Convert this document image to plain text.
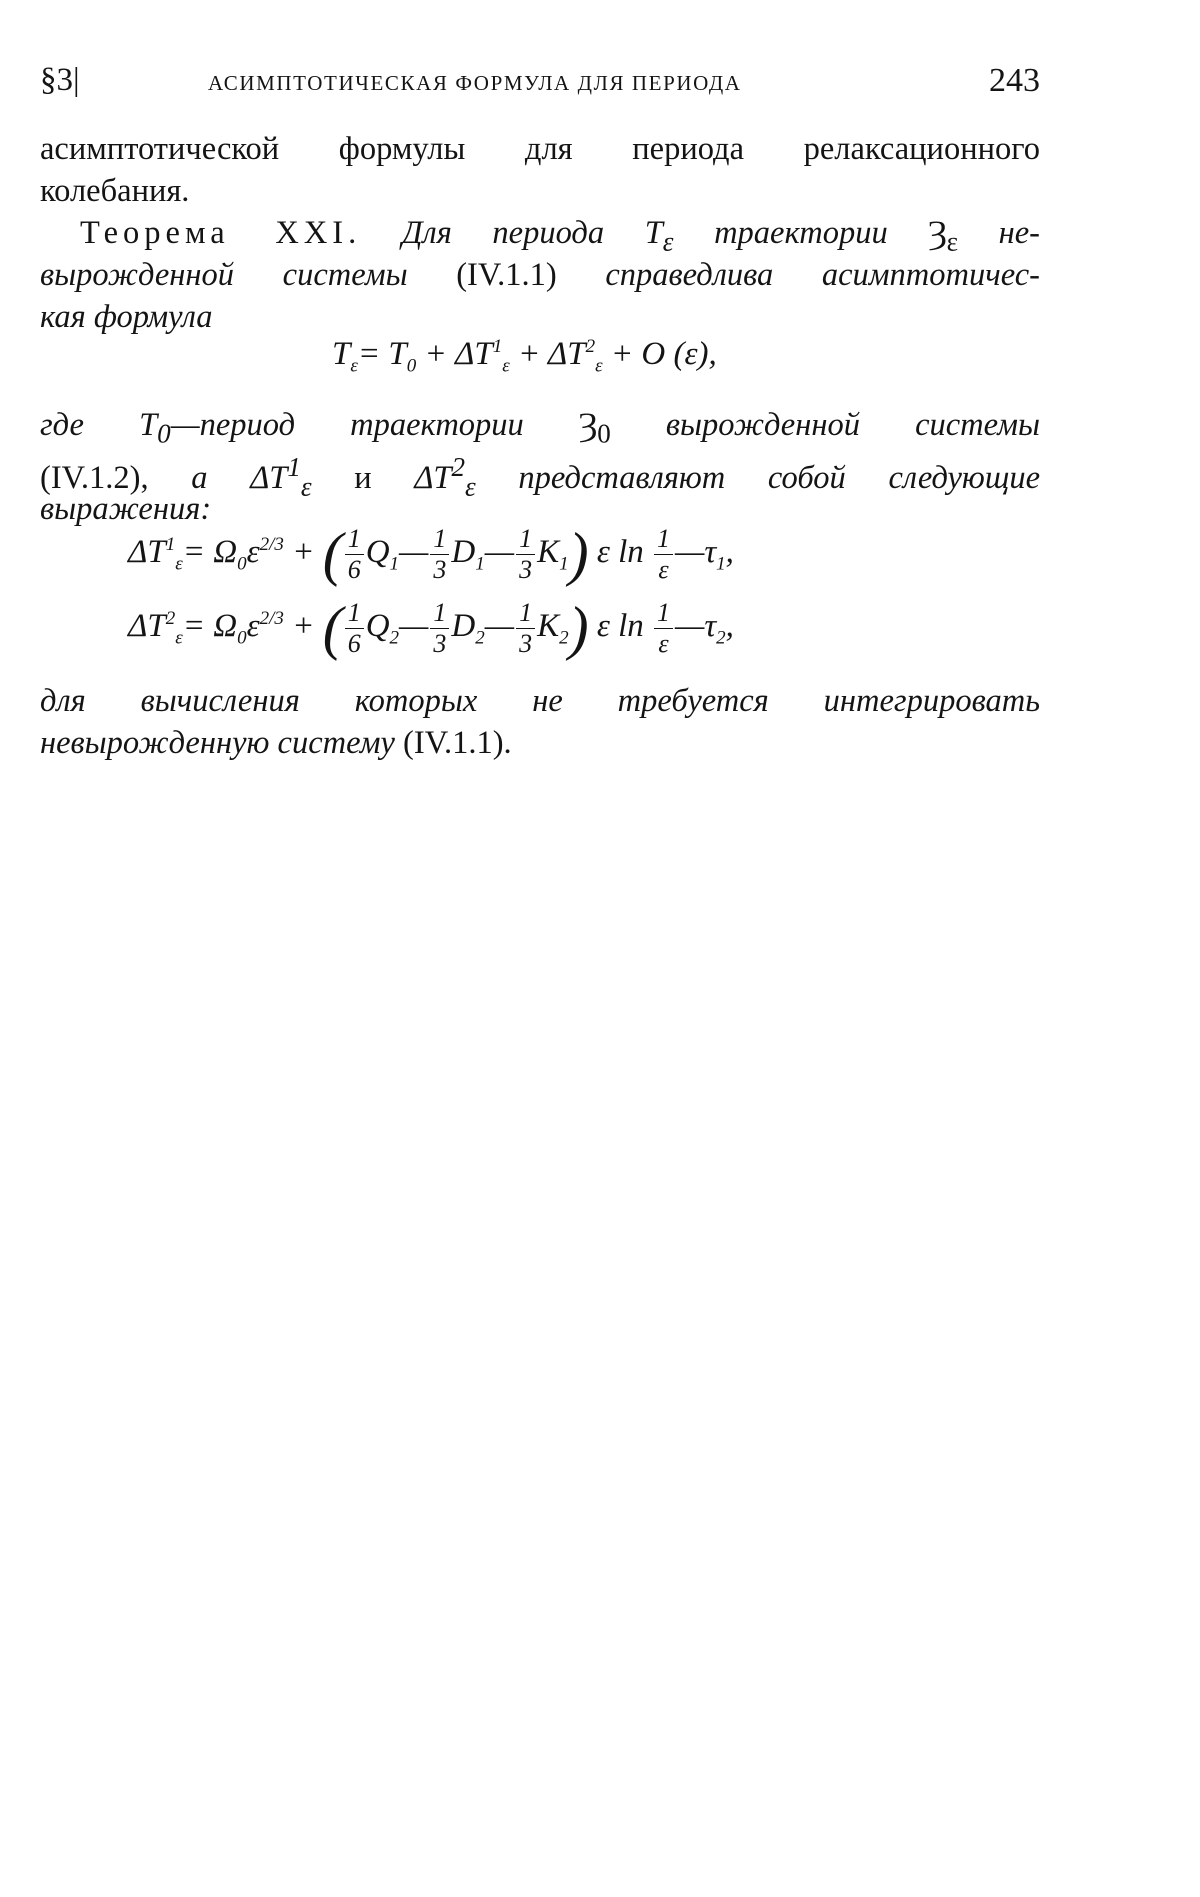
§3|	АСИМПТОТИЧЕСКАЯ ФОРМУЛА ДЛЯ ПЕРИОДА	243
асимптотической формулы для периода релаксационного
колебания.
Теорема XXI. Для периода $T_\varepsilon$ траектории $Ȝ_\varepsilon$ не-
вырожденной системы (IV.1.1) справедлива асимптотичес-
кая формула
$T_\varepsilon= T_0 + \Delta T^1_\varepsilon + \Delta T^2_\varepsilon + O$ (ε),
где $T_0—период$ траектории $Ȝ_0$ вырожденной системы
(IV.1.2), а $\Delta T^1_\varepsilon$ и $\Delta T^2_\varepsilon$ представляют собой следующие
выражения:
$\Delta T^1_\varepsilon= \Omega_0\varepsilon^{2/3}$ + ( $\frac{1}{6}$ $Q_1— \frac{1}{3}$ $D_1— \frac{1}{3} K_1$) ε $\ln \frac{1}{\varepsilon}$ $—\tau_1$,
$\Delta T^2_\varepsilon= \Omega_0\varepsilon^{2/3}$ + ( $\frac{1}{6}$ $Q_2— \frac{1}{3}$ $D_2— \frac{1}{3} K_2$) ε $\ln \frac{1}{\varepsilon}$ $—\tau_2$,
для вычисления которых не требуется интегрировать
невырожденную систему (IV.1.1).
